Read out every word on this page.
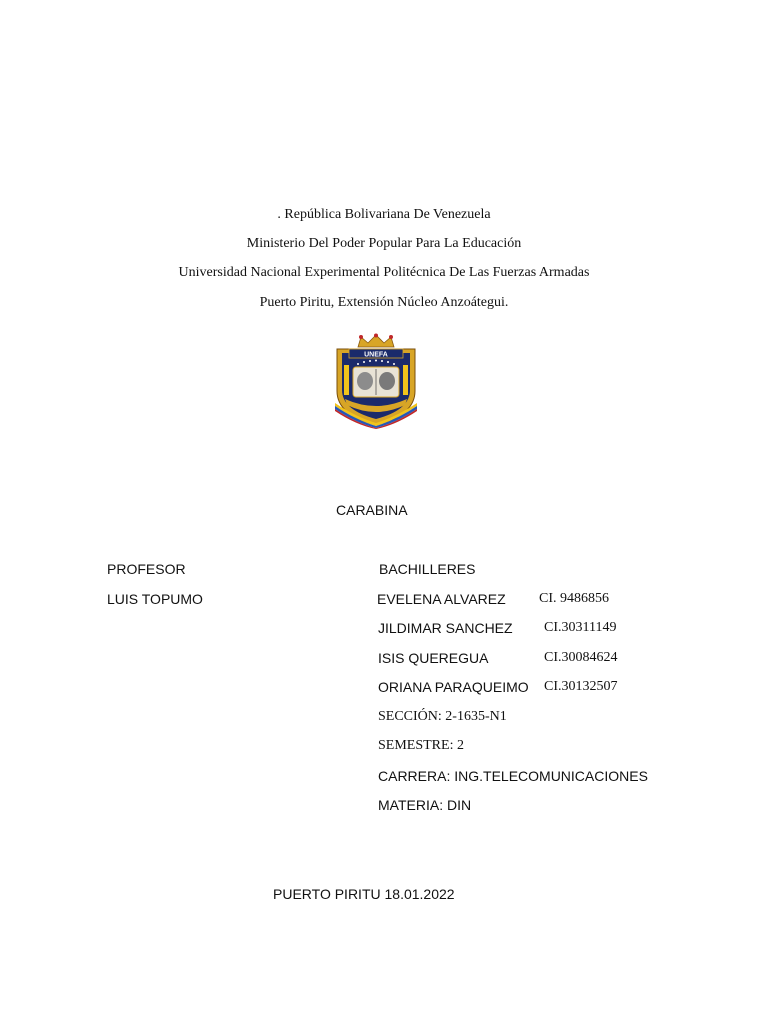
. República Bolivariana De Venezuela
Ministerio Del Poder Popular Para La Educación
Universidad Nacional Experimental Politécnica De Las Fuerzas Armadas
Puerto Piritu, Extensión Núcleo Anzoátegui.
UNEFA
CARABINA
PROFESOR
LUIS TOPUMO
BACHILLERES
EVELENA ALVAREZ CI. 9486856
JILDIMAR SANCHEZ CI.30311149
ISIS QUEREGUA	CI.30084624
ORIANA PARAQUEIMO CI.30132507
SECCIÓN: 2-1635-N1
SEMESTRE: 2
CARRERA: ING.TELECOMUNICACIONES
MATERIA: DIN
PUERTO PIRITU 18.01.2022
